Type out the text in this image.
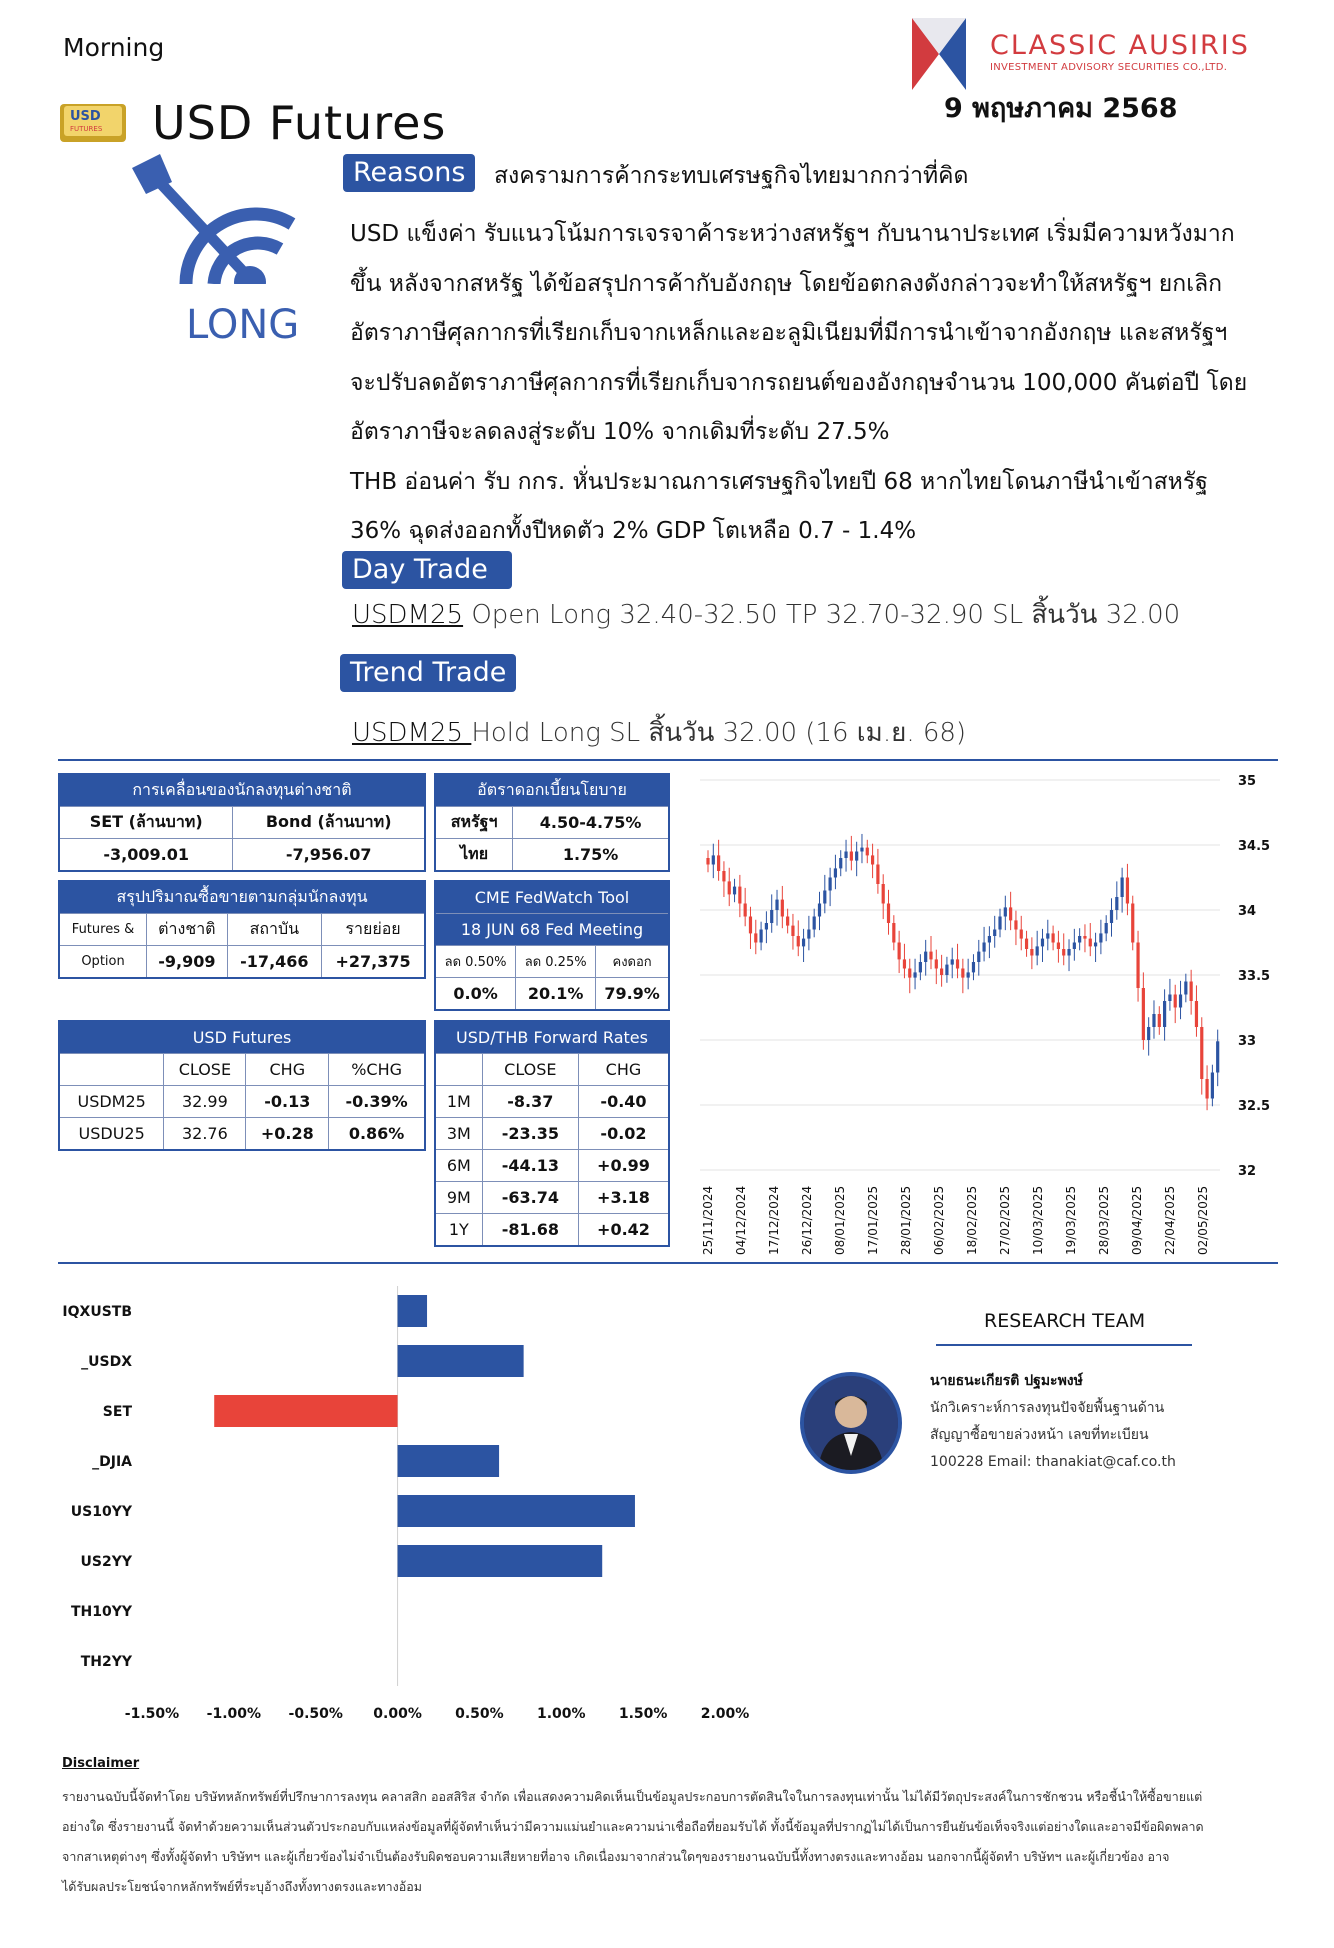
Morning
USD
FUTURES USD Futures
CLASSIC AUSIRIS
INVESTMENT ADVISORY SECURITIES CO.,LTD.
9 พฤษภาคม 2568
LONG
Reasons	สงครามการค้ากระทบเศรษฐกิจไทยมากกว่าที่คิด
USD แข็งค่า รับแนวโน้มการเจรจาค้าระหว่างสหรัฐฯ กับนานาประเทศ เริ่มมีความหวังมาก
ขึ้น หลังจากสหรัฐ ได้ข้อสรุปการค้ากับอังกฤษ โดยข้อตกลงดังกล่าวจะทำให้สหรัฐฯ ยกเลิก
อัตราภาษีศุลกากรที่เรียกเก็บจากเหล็กและอะลูมิเนียมที่มีการนำเข้าจากอังกฤษ และสหรัฐฯ
จะปรับลดอัตราภาษีศุลกากรที่เรียกเก็บจากรถยนต์ของอังกฤษจำนวน 100,000 คันต่อปี โดย
อัตราภาษีจะลดลงสู่ระดับ 10% จากเดิมที่ระดับ 27.5%
THB อ่อนค่า รับ กกร. หั่นประมาณการเศรษฐกิจไทยปี 68 หากไทยโดนภาษีนำเข้าสหรัฐ
36% ฉุดส่งออกทั้งปีหดตัว 2% GDP โตเหลือ 0.7 - 1.4%
Day Trade
USDM25 Open Long 32.40-32.50 TP 32.70-32.90 SL สิ้นวัน 32.00
Trend Trade
USDM25 Hold Long SL สิ้นวัน 32.00 (16 เม.ย. 68)
การเคลื่อนของนักลงทุนต่างชาติ	
SET (ล้านบาท)	Bond (ล้านบาท)
-3,009.01	-7,956.07
อัตราดอกเบี้ยนโยบาย	
สหรัฐฯ	4.50-4.75%
ไทย	1.75%
สรุปปริมาณซื้อขายตามกลุ่มนักลงทุน			
Futures &	ต่างชาติ	สถาบัน	รายย่อย
Option	-9,909	-17,466	+27,375
CME FedWatch Tool		
18 JUN 68 Fed Meeting		
ลด 0.50%	ลด 0.25%	คงดอก
0.0%	20.1%	79.9%
USD Futures			
	CLOSE	CHG	%CHG
USDM25	32.99	-0.13	-0.39%
USDU25	32.76	+0.28	0.86%
USD/THB Forward Rates		
	CLOSE	CHG
1M	-8.37	-0.40
3M	-23.35	-0.02
6M	-44.13	+0.99
9M	-63.74	+3.18
1Y	-81.68	+0.42
35
34.5
34
33.5
33
32.5
32
25/11/2024 04/12/2024 17/12/2024 26/12/2024 08/01/2025 17/01/2025 28/01/2025 06/02/2025 18/02/2025 27/02/2025 10/03/2025 19/03/2025 28/03/2025 09/04/2025 22/04/2025 02/05/2025
IQXUSTB
_USDX
SET
_DJIA
US10YY
US2YY
TH10YY
TH2YY
-1.50% -1.00% -0.50% 0.00% 0.50% 1.00% 1.50% 2.00%
RESEARCH TEAM
นายธนะเกียรติ ปฐมะพงษ์
นักวิเคราะห์การลงทุนปัจจัยพื้นฐานด้าน
สัญญาซื้อขายล่วงหน้า เลขที่ทะเบียน
100228 Email: thanakiat@caf.co.th
Disclaimer
รายงานฉบับนี้จัดทำโดย บริษัทหลักทรัพย์ที่ปรึกษาการลงทุน คลาสสิก ออสสิริส จำกัด เพื่อแสดงความคิดเห็นเป็นข้อมูลประกอบการตัดสินใจในการลงทุนเท่านั้น ไม่ได้มีวัตถุประสงค์ในการชักชวน หรือชี้นำให้ซื้อขายแต่
อย่างใด ซึ่งรายงานนี้ จัดทำด้วยความเห็นส่วนตัวประกอบกับแหล่งข้อมูลที่ผู้จัดทำเห็นว่ามีความแม่นยำและความน่าเชื่อถือที่ยอมรับได้ ทั้งนี้ข้อมูลที่ปรากฏไม่ได้เป็นการยืนยันข้อเท็จจริงแต่อย่างใดและอาจมีข้อผิดพลาด
จากสาเหตุต่างๆ ซึ่งทั้งผู้จัดทำ บริษัทฯ และผู้เกี่ยวข้องไม่จำเป็นต้องรับผิดชอบความเสียหายที่อาจ เกิดเนื่องมาจากส่วนใดๆของรายงานฉบับนี้ทั้งทางตรงและทางอ้อม นอกจากนี้ผู้จัดทำ บริษัทฯ และผู้เกี่ยวข้อง อาจ
ได้รับผลประโยชน์จากหลักทรัพย์ที่ระบุอ้างถึงทั้งทางตรงและทางอ้อม
